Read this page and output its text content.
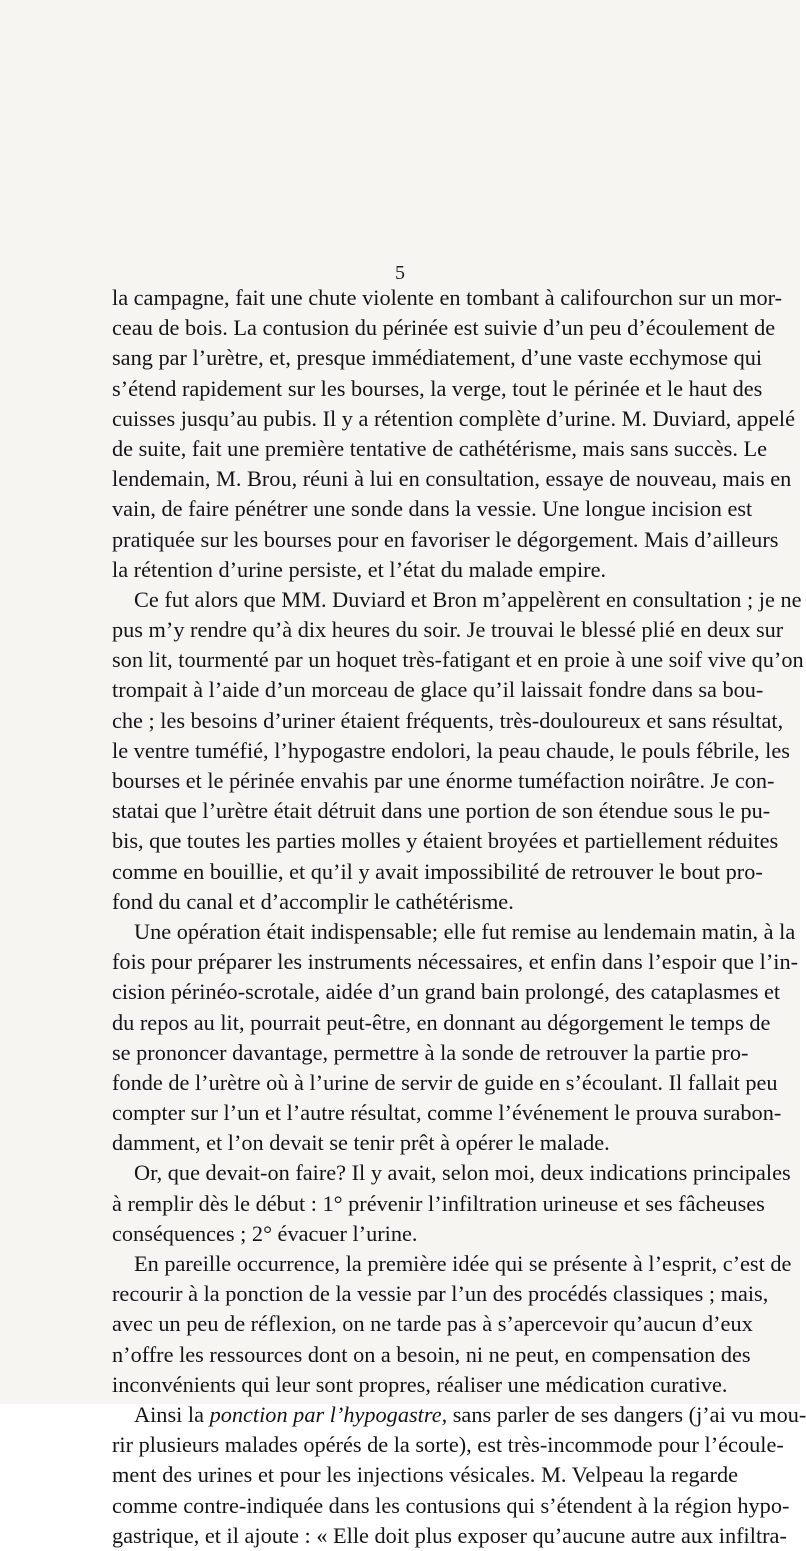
5
la campagne, fait une chute violente en tombant à califourchon sur un mor-
ceau de bois. La contusion du périnée est suivie d’un peu d’écoulement de
sang par l’urètre, et, presque immédiatement, d’une vaste ecchymose qui
s’étend rapidement sur les bourses, la verge, tout le périnée et le haut des
cuisses jusqu’au pubis. Il y a rétention complète d’urine. M. Duviard, appelé
de suite, fait une première tentative de cathétérisme, mais sans succès. Le
lendemain, M. Brou, réuni à lui en consultation, essaye de nouveau, mais en
vain, de faire pénétrer une sonde dans la vessie. Une longue incision est
pratiquée sur les bourses pour en favoriser le dégorgement. Mais d’ailleurs
la rétention d’urine persiste, et l’état du malade empire.
Ce fut alors que MM. Duviard et Bron m’appelèrent en consultation ; je ne
pus m’y rendre qu’à dix heures du soir. Je trouvai le blessé plié en deux sur
son lit, tourmenté par un hoquet très-fatigant et en proie à une soif vive qu’on
trompait à l’aide d’un morceau de glace qu’il laissait fondre dans sa bou-
che ; les besoins d’uriner étaient fréquents, très-douloureux et sans résultat,
le ventre tuméfié, l’hypogastre endolori, la peau chaude, le pouls fébrile, les
bourses et le périnée envahis par une énorme tuméfaction noirâtre. Je con-
statai que l’urètre était détruit dans une portion de son étendue sous le pu-
bis, que toutes les parties molles y étaient broyées et partiellement réduites
comme en bouillie, et qu’il y avait impossibilité de retrouver le bout pro-
fond du canal et d’accomplir le cathétérisme.
Une opération était indispensable; elle fut remise au lendemain matin, à la
fois pour préparer les instruments nécessaires, et enfin dans l’espoir que l’in-
cision périnéo-scrotale, aidée d’un grand bain prolongé, des cataplasmes et
du repos au lit, pourrait peut-être, en donnant au dégorgement le temps de
se prononcer davantage, permettre à la sonde de retrouver la partie pro-
fonde de l’urètre où à l’urine de servir de guide en s’écoulant. Il fallait peu
compter sur l’un et l’autre résultat, comme l’événement le prouva surabon-
damment, et l’on devait se tenir prêt à opérer le malade.
Or, que devait-on faire? Il y avait, selon moi, deux indications principales
à remplir dès le début : 1° prévenir l’infiltration urineuse et ses fâcheuses
conséquences ; 2° évacuer l’urine.
En pareille occurrence, la première idée qui se présente à l’esprit, c’est de
recourir à la ponction de la vessie par l’un des procédés classiques ; mais,
avec un peu de réflexion, on ne tarde pas à s’apercevoir qu’aucun d’eux
n’offre les ressources dont on a besoin, ni ne peut, en compensation des
inconvénients qui leur sont propres, réaliser une médication curative.
Ainsi la ponction par l’hypogastre, sans parler de ses dangers (j’ai vu mou-
rir plusieurs malades opérés de la sorte), est très-incommode pour l’écoule-
ment des urines et pour les injections vésicales. M. Velpeau la regarde
comme contre-indiquée dans les contusions qui s’étendent à la région hypo-
gastrique, et il ajoute : « Elle doit plus exposer qu’aucune autre aux infiltra-
